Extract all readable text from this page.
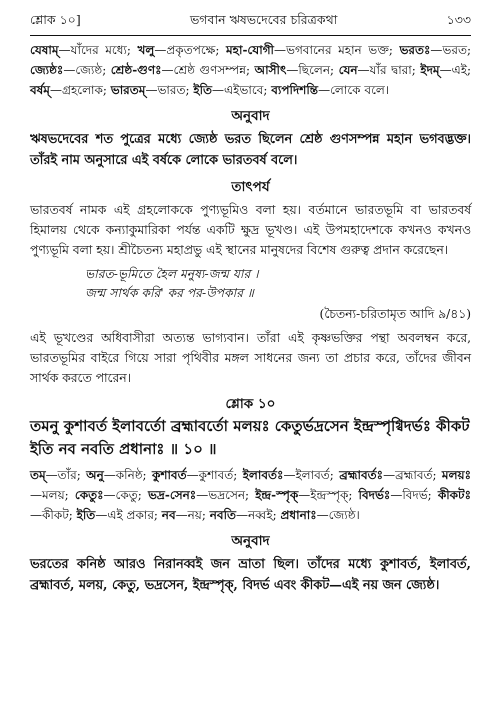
শ্লোক ১০]	ভগবান ঋষভদেবের চরিত্রকথা	১৩৩

যেষাম্—যাঁদের মধ্যে; খলু—প্রকৃতপক্ষে; মহা-যোগী—ভগবানের মহান ভক্ত; ভরতঃ—ভরত; জ্যেষ্ঠঃ—জ্যেষ্ঠ; শ্রেষ্ঠ-গুণঃ—শ্রেষ্ঠ গুণসম্পন্ন; আসীৎ—ছিলেন; যেন—যাঁর দ্বারা; ইদম্—এই; বর্ষম্—গ্রহলোক; ভারতম্—ভারত; ইতি—এইভাবে; ব্যপদিশন্তি—লোকে বলে।

অনুবাদ

ঋষভদেবের শত পুত্রের মধ্যে জ্যেষ্ঠ ভরত ছিলেন শ্রেষ্ঠ গুণসম্পন্ন মহান ভগবদ্ভক্ত। তাঁরই নাম অনুসারে এই বর্ষকে লোকে ভারতবর্ষ বলে।

তাৎপর্য

ভারতবর্ষ নামক এই গ্রহলোককে পুণ্যভূমিও বলা হয়। বর্তমানে ভারতভূমি বা ভারতবর্ষ হিমালয় থেকে কন্যাকুমারিকা পর্যন্ত একটি ক্ষুদ্র ভূখণ্ড। এই উপমহাদেশকে কখনও কখনও পুণ্যভূমি বলা হয়। শ্রীচৈতন্য মহাপ্রভু এই স্থানের মানুষদের বিশেষ গুরুত্ব প্রদান করেছেন।

ভারত-ভূমিতে হৈল মনুষ্য-জন্ম যার ।
জন্ম সার্থক করি' কর পর-উপকার ॥
(চৈতন্য-চরিতামৃত আদি ৯/৪১)

এই ভূখণ্ডের অধিবাসীরা অত্যন্ত ভাগ্যবান। তাঁরা এই কৃষ্ণভক্তির পন্থা অবলম্বন করে, ভারতভূমির বাইরে গিয়ে সারা পৃথিবীর মঙ্গল সাধনের জন্য তা প্রচার করে, তাঁদের জীবন সার্থক করতে পারেন।

শ্লোক ১০
তমনু কুশাবর্ত ইলাবর্তো ব্রহ্মাবর্তো মলয়ঃ কেতুর্ভদ্রসেন ইন্দ্রস্পৃগ্বিদর্ভঃ কীকট ইতি নব নবতি প্রধানাঃ ॥ ১০ ॥

তম্—তাঁর; অনু—কনিষ্ঠ; কুশাবর্ত—কুশাবর্ত; ইলাবর্তঃ—ইলাবর্ত; ব্রহ্মাবর্তঃ—ব্রহ্মাবর্ত; মলয়ঃ—মলয়; কেতুঃ—কেতু; ভদ্র-সেনঃ—ভদ্রসেন; ইন্দ্র-স্পৃক্—ইন্দ্রস্পৃক্; বিদর্ভঃ—বিদর্ভ; কীকটঃ—কীকট; ইতি—এই প্রকার; নব—নয়; নবতি—নব্বই; প্রধানাঃ—জ্যেষ্ঠ।

অনুবাদ

ভরতের কনিষ্ঠ আরও নিরানব্বই জন ভ্রাতা ছিল। তাঁদের মধ্যে কুশাবর্ত, ইলাবর্ত, ব্রহ্মাবর্ত, মলয়, কেতু, ভদ্রসেন, ইন্দ্রস্পৃক্, বিদর্ভ এবং কীকট—এই নয় জন জ্যেষ্ঠ।
